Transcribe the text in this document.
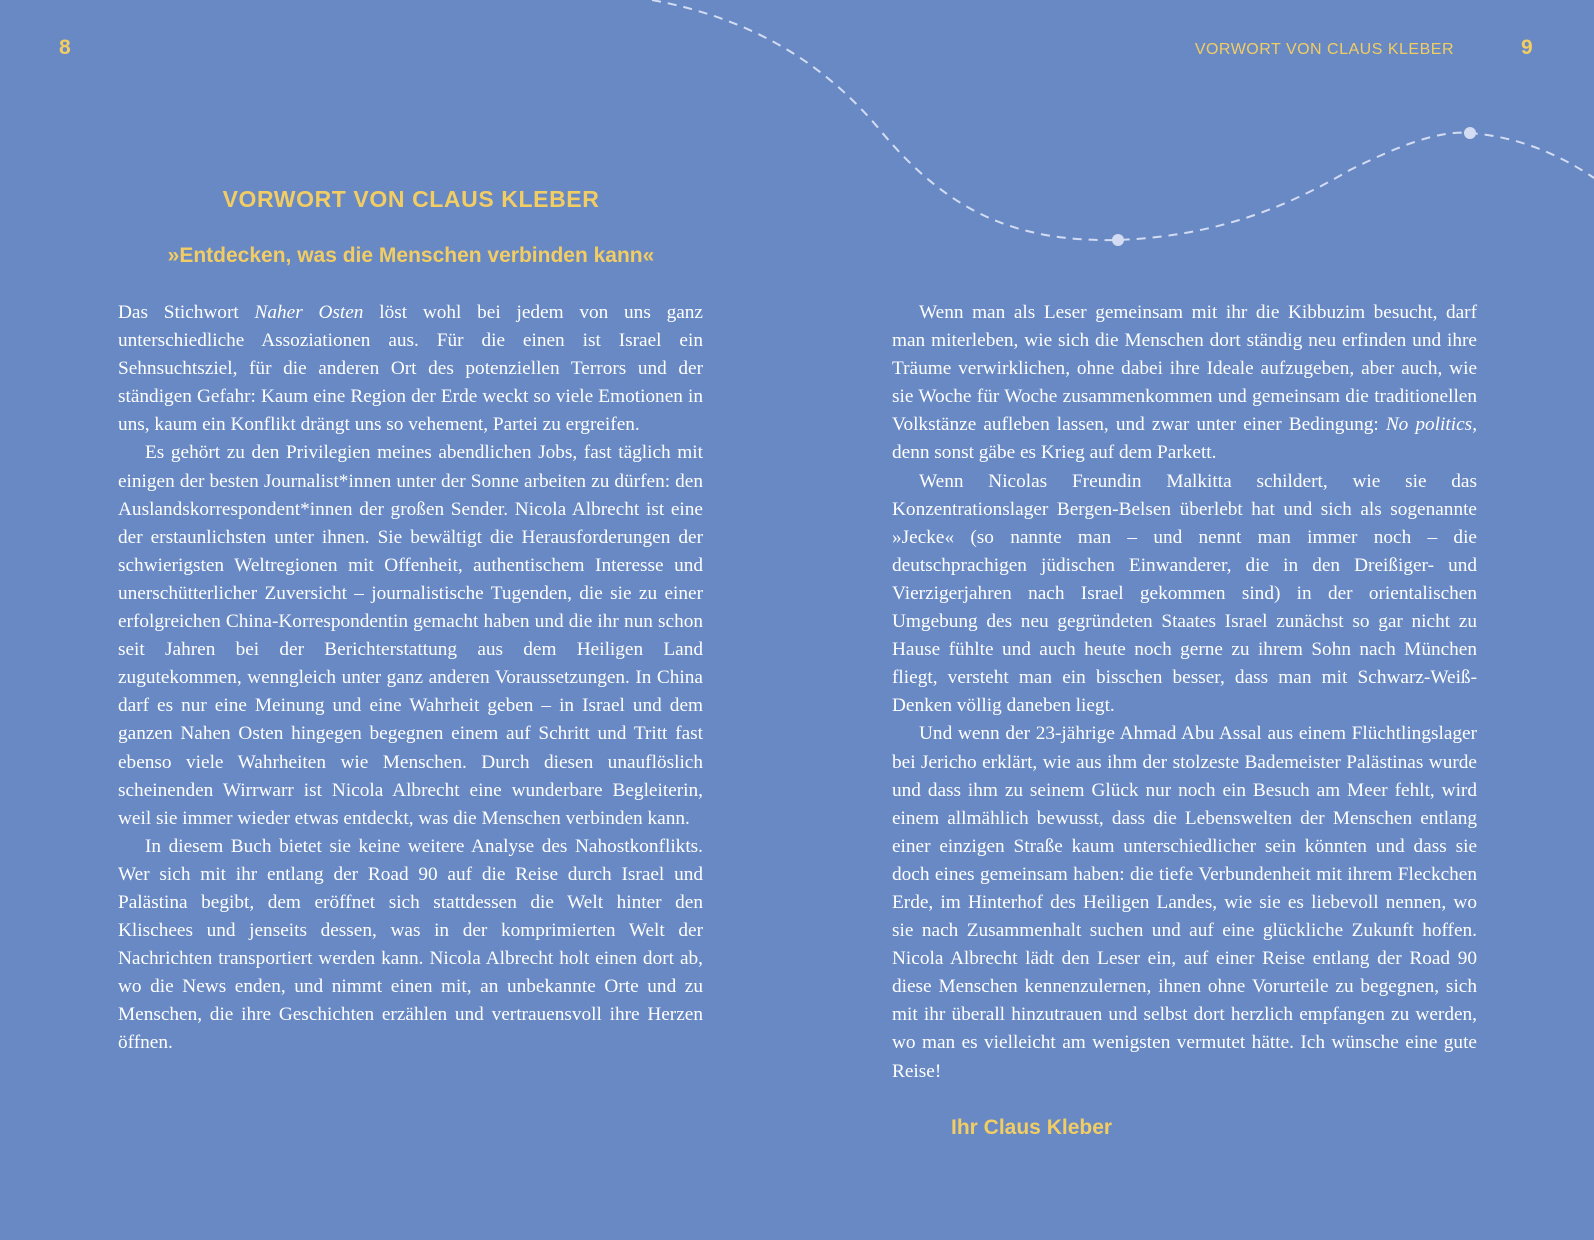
8	VORWORT VON CLAUS KLEBER	9
VORWORT VON CLAUS KLEBER
»Entdecken, was die Menschen verbinden kann«

Das Stichwort Naher Osten löst wohl bei jedem von uns ganz unterschiedliche Assoziationen aus. Für die einen ist Israel ein Sehnsuchtsziel, für die anderen Ort des potenziellen Terrors und der ständigen Gefahr: Kaum eine Region der Erde weckt so viele Emotionen in uns, kaum ein Konflikt drängt uns so vehement, Partei zu ergreifen.

Es gehört zu den Privilegien meines abendlichen Jobs, fast täglich mit einigen der besten Journalist*innen unter der Sonne arbeiten zu dürfen: den Auslandskorrespondent*innen der großen Sender. Nicola Albrecht ist eine der erstaunlichsten unter ihnen. Sie bewältigt die Herausforderungen der schwierigsten Weltregionen mit Offenheit, authentischem Interesse und unerschütterlicher Zuversicht – journalistische Tugenden, die sie zu einer erfolgreichen China-Korrespondentin gemacht haben und die ihr nun schon seit Jahren bei der Berichterstattung aus dem Heiligen Land zugutekommen, wenngleich unter ganz anderen Voraussetzungen. In China darf es nur eine Meinung und eine Wahrheit geben – in Israel und dem ganzen Nahen Osten hingegen begegnen einem auf Schritt und Tritt fast ebenso viele Wahrheiten wie Menschen. Durch diesen unauflöslich scheinenden Wirrwarr ist Nicola Albrecht eine wunderbare Begleiterin, weil sie immer wieder etwas entdeckt, was die Menschen verbinden kann.

In diesem Buch bietet sie keine weitere Analyse des Nahostkonflikts. Wer sich mit ihr entlang der Road 90 auf die Reise durch Israel und Palästina begibt, dem eröffnet sich stattdessen die Welt hinter den Klischees und jenseits dessen, was in der komprimierten Welt der Nachrichten transportiert werden kann. Nicola Albrecht holt einen dort ab, wo die News enden, und nimmt einen mit, an unbekannte Orte und zu Menschen, die ihre Geschichten erzählen und vertrauensvoll ihre Herzen öffnen.

Wenn man als Leser gemeinsam mit ihr die Kibbuzim besucht, darf man miterleben, wie sich die Menschen dort ständig neu erfinden und ihre Träume verwirklichen, ohne dabei ihre Ideale aufzugeben, aber auch, wie sie Woche für Woche zusammenkommen und gemeinsam die traditionellen Volkstänze aufleben lassen, und zwar unter einer Bedingung: No politics, denn sonst gäbe es Krieg auf dem Parkett.

Wenn Nicolas Freundin Malkitta schildert, wie sie das Konzentrationslager Bergen-Belsen überlebt hat und sich als sogenannte »Jecke« (so nannte man – und nennt man immer noch – die deutschprachigen jüdischen Einwanderer, die in den Dreißiger- und Vierzigerjahren nach Israel gekommen sind) in der orientalischen Umgebung des neu gegründeten Staates Israel zunächst so gar nicht zu Hause fühlte und auch heute noch gerne zu ihrem Sohn nach München fliegt, versteht man ein bisschen besser, dass man mit Schwarz-Weiß-Denken völlig daneben liegt.

Und wenn der 23-jährige Ahmad Abu Assal aus einem Flüchtlingslager bei Jericho erklärt, wie aus ihm der stolzeste Bademeister Palästinas wurde und dass ihm zu seinem Glück nur noch ein Besuch am Meer fehlt, wird einem allmählich bewusst, dass die Lebenswelten der Menschen entlang einer einzigen Straße kaum unterschiedlicher sein könnten und dass sie doch eines gemeinsam haben: die tiefe Verbundenheit mit ihrem Fleckchen Erde, im Hinterhof des Heiligen Landes, wie sie es liebevoll nennen, wo sie nach Zusammenhalt suchen und auf eine glückliche Zukunft hoffen. Nicola Albrecht lädt den Leser ein, auf einer Reise entlang der Road 90 diese Menschen kennenzulernen, ihnen ohne Vorurteile zu begegnen, sich mit ihr überall hinzutrauen und selbst dort herzlich empfangen zu werden, wo man es vielleicht am wenigsten vermutet hätte. Ich wünsche eine gute Reise!

Ihr Claus Kleber
